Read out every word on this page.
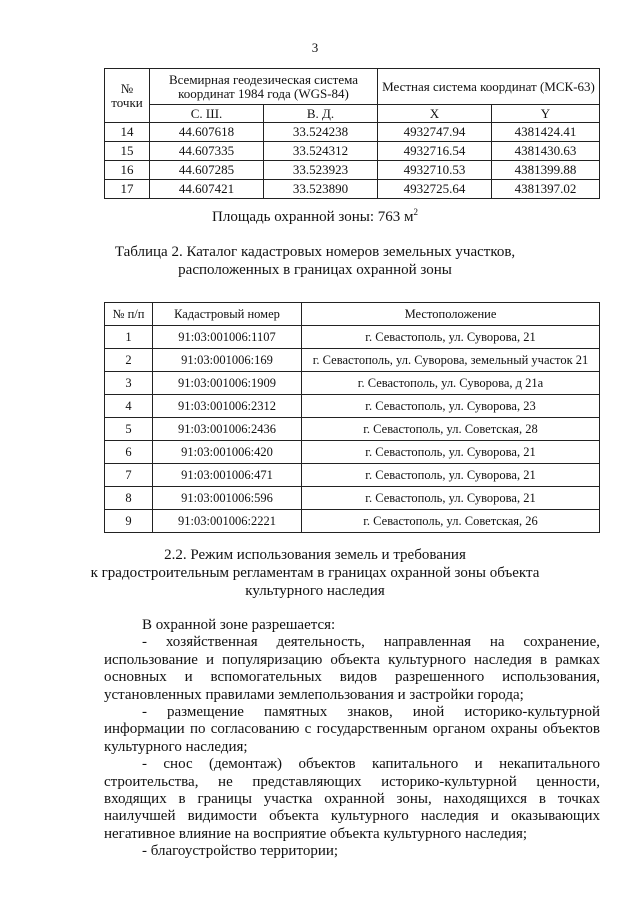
3
№
точки	Всемирная геодезическая система координат 1984 года (WGS-84)		Местная система координат (МСК-63)	
	С. Ш.	В. Д.	X	Y
14	44.607618	33.524238	4932747.94	4381424.41
15	44.607335	33.524312	4932716.54	4381430.63
16	44.607285	33.523923	4932710.53	4381399.88
17	44.607421	33.523890	4932725.64	4381397.02
Площадь охранной зоны: 763 $м^2$
Таблица 2. Каталог кадастровых номеров земельных участков,
расположенных в границах охранной зоны
№ п/п	Кадастровый номер	Местоположение
1	91:03:001006:1107	г. Севастополь, ул. Суворова, 21
2	91:03:001006:169	г. Севастополь, ул. Суворова, земельный участок 21
3	91:03:001006:1909	г. Севастополь, ул. Суворова, д 21а
4	91:03:001006:2312	г. Севастополь, ул. Суворова, 23
5	91:03:001006:2436	г. Севастополь, ул. Советская, 28
6	91:03:001006:420	г. Севастополь, ул. Суворова, 21
7	91:03:001006:471	г. Севастополь, ул. Суворова, 21
8	91:03:001006:596	г. Севастополь, ул. Суворова, 21
9	91:03:001006:2221	г. Севастополь, ул. Советская, 26
2.2. Режим использования земель и требования
к градостроительным регламентам в границах охранной зоны объекта
культурного наследия

В охранной зоне разрешается:

- хозяйственная деятельность, направленная на сохранение, использование и популяризацию объекта культурного наследия в рамках основных и вспомогательных видов разрешенного использования, установленных правилами землепользования и застройки города;

- размещение памятных знаков, иной историко-культурной информации по согласованию с государственным органом охраны объектов культурного наследия;

- снос (демонтаж) объектов капитального и некапитального строительства, не представляющих историко-культурной ценности, входящих в границы участка охранной зоны, находящихся в точках наилучшей видимости объекта культурного наследия и оказывающих негативное влияние на восприятие объекта культурного наследия;

- благоустройство территории;
